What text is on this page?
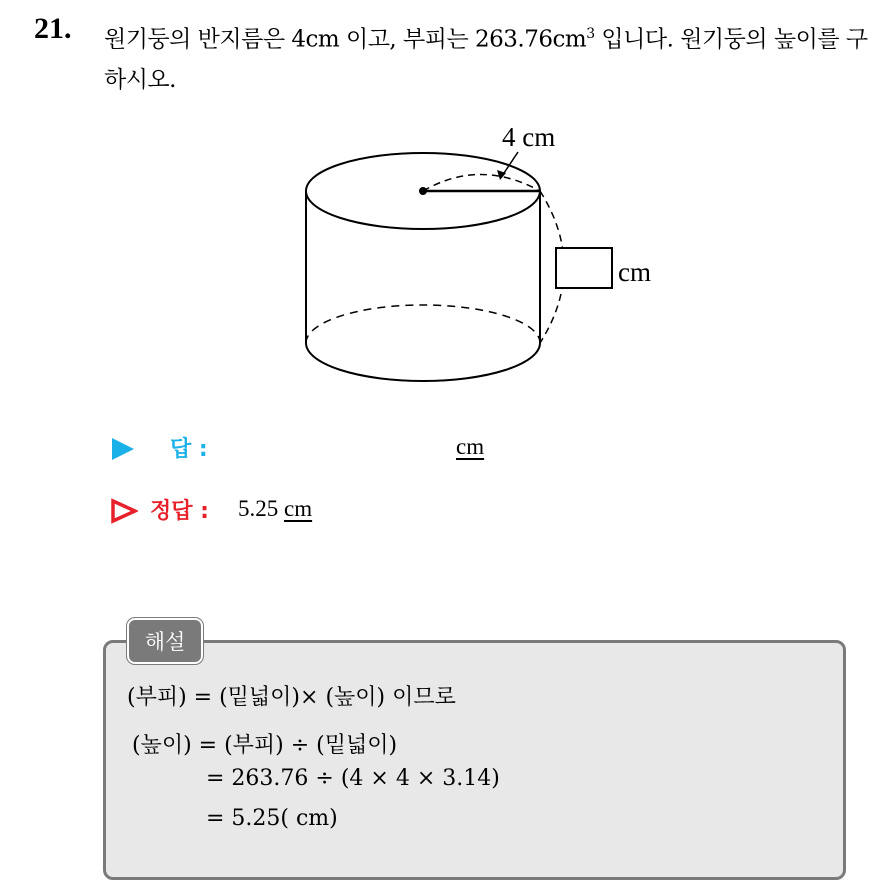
21. 원기둥의 반지름은 4cm 이고, 부피는 $263.76cm^3$ 입니다. 원기둥의 높이를 구하시오.
4 cm
cm
답 :	cm
정답 : 5.25 cm
해설
(부피) = (밑넓이)× (높이) 이므로
(높이) = (부피) ÷ (밑넓이)
= 263.76 ÷ (4 × 4 × 3.14)
= 5.25( cm)
